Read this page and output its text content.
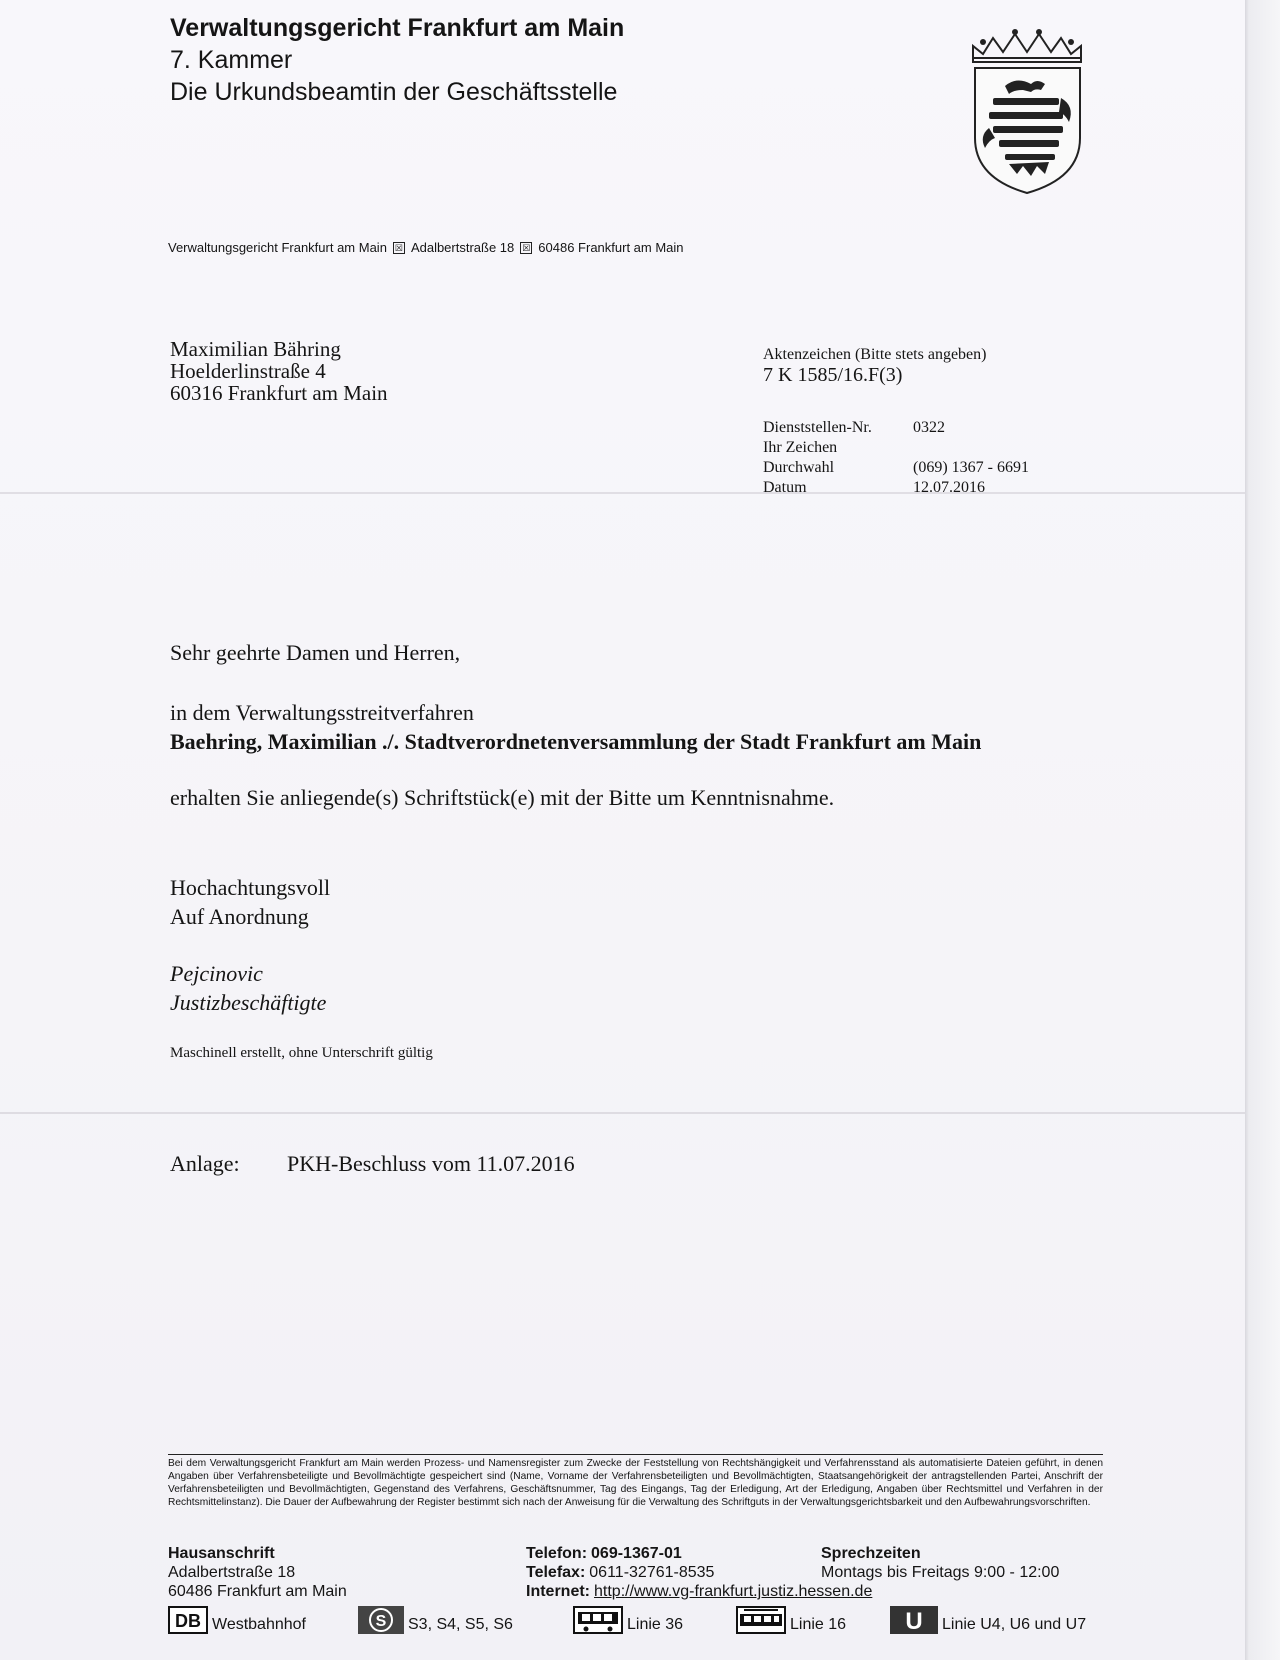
Verwaltungsgericht Frankfurt am Main
7. Kammer
Die Urkundsbeamtin der Geschäftsstelle
Verwaltungsgericht Frankfurt am Main ☒ Adalbertstraße 18 ☒ 60486 Frankfurt am Main
Maximilian Bähring
Hoelderlinstraße 4
60316 Frankfurt am Main
Aktenzeichen (Bitte stets angeben)
7 K 1585/16.F(3)
Dienststellen-Nr.	0322
Ihr Zeichen	
Durchwahl	(069) 1367 - 6691
Datum	12.07.2016
Sehr geehrte Damen und Herren,
in dem Verwaltungsstreitverfahren
Baehring, Maximilian ./. Stadtverordnetenversammlung der Stadt Frankfurt am Main
erhalten Sie anliegende(s) Schriftstück(e) mit der Bitte um Kenntnisnahme.
Hochachtungsvoll
Auf Anordnung
Pejcinovic
Justizbeschäftigte
Maschinell erstellt, ohne Unterschrift gültig
Anlage: PKH-Beschluss vom 11.07.2016
Bei dem Verwaltungsgericht Frankfurt am Main werden Prozess- und Namensregister zum Zwecke der Feststellung von Rechtshängigkeit und Verfahrensstand als automatisierte Dateien geführt, in denen Angaben über Verfahrensbeteiligte und Bevollmächtigte gespeichert sind (Name, Vorname der Verfahrensbeteiligten und Bevollmächtigten, Staatsangehörigkeit der antragstellenden Partei, Anschrift der Verfahrensbeteiligten und Bevollmächtigten, Gegenstand des Verfahrens, Geschäftsnummer, Tag des Eingangs, Tag der Erledigung, Art der Erledigung, Angaben über Rechtsmittel und Verfahren in der Rechtsmittelinstanz). Die Dauer der Aufbewahrung der Register bestimmt sich nach der Anweisung für die Verwaltung des Schriftguts in der Verwaltungsgerichtsbarkeit und den Aufbewahrungsvorschriften.
Hausanschrift
Adalbertstraße 18
60486 Frankfurt am Main
Telefon: 069-1367-01
Telefax: 0611-32761-8535
Internet: http://www.vg-frankfurt.justiz.hessen.de
Sprechzeiten
Montags bis Freitags 9:00 - 12:00
DB Westbahnhof	S S3, S4, S5, S6	Linie 36	Linie 16 U Linie U4, U6 und U7
